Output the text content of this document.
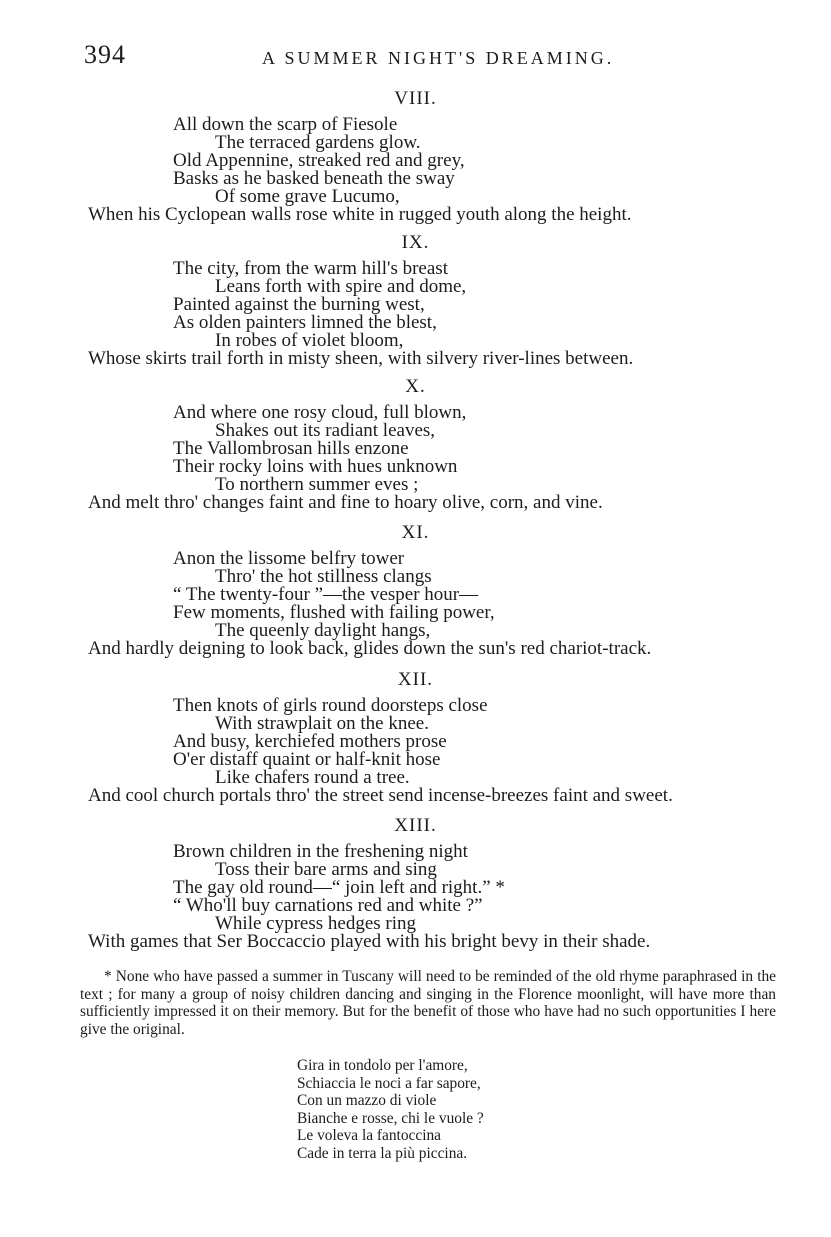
394	A SUMMER NIGHT'S DREAMING.
VIII.
All down the scarp of Fiesole
The terraced gardens glow.
Old Appennine, streaked red and grey,
Basks as he basked beneath the sway
Of some grave Lucumo,
When his Cyclopean walls rose white in rugged youth along the height.
IX.
The city, from the warm hill's breast
Leans forth with spire and dome,
Painted against the burning west,
As olden painters limned the blest,
In robes of violet bloom,
Whose skirts trail forth in misty sheen, with silvery river-lines between.
X.
And where one rosy cloud, full blown,
Shakes out its radiant leaves,
The Vallombrosan hills enzone
Their rocky loins with hues unknown
To northern summer eves ;
And melt thro' changes faint and fine to hoary olive, corn, and vine.
XI.
Anon the lissome belfry tower
Thro' the hot stillness clangs
“ The twenty-four ”—the vesper hour—
Few moments, flushed with failing power,
The queenly daylight hangs,
And hardly deigning to look back, glides down the sun's red chariot-track.
XII.
Then knots of girls round doorsteps close
With strawplait on the knee.
And busy, kerchiefed mothers prose
O'er distaff quaint or half-knit hose
Like chafers round a tree.
And cool church portals thro' the street send incense-breezes faint and sweet.
XIII.
Brown children in the freshening night
Toss their bare arms and sing
The gay old round—“ join left and right.” *
“ Who'll buy carnations red and white ?”
While cypress hedges ring
With games that Ser Boccaccio played with his bright bevy in their shade.

* None who have passed a summer in Tuscany will need to be reminded of the old rhyme paraphrased in the text ; for many a group of noisy children dancing and singing in the Florence moonlight, will have more than sufficiently impressed it on their memory. But for the benefit of those who have had no such opportunities I here give the original.

Gira in tondolo per l'amore,
Schiaccia le noci a far sapore,
Con un mazzo di viole
Bianche e rosse, chi le vuole ?
Le voleva la fantoccina
Cade in terra la più piccina.
